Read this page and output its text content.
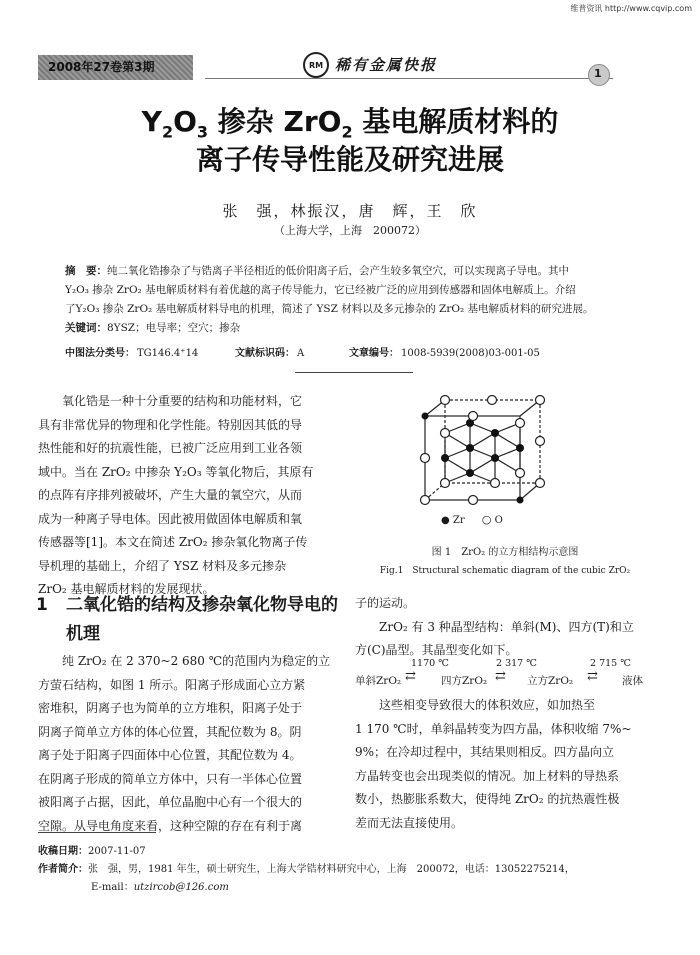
维普资讯 http://www.cqvip.com
2008年27卷第3期	RM 稀有金属快报	1
$Y_2O_3$ 掺杂 ZrO$_2$ 基电解质材料的
离子传导性能及研究进展
张　强，林振汉，唐　辉，王　欣
（上海大学，上海　200072）
摘　要：纯二氧化锆掺杂了与锆离子半径相近的低价阳离子后，会产生较多氧空穴，可以实现离子导电。其中
Y₂O₃ 掺杂 ZrO₂ 基电解质材料有着优越的离子传导能力，它已经被广泛的应用到传感器和固体电解质上。介绍
了Y₂O₃ 掺杂 ZrO₂ 基电解质材料导电的机理，简述了 YSZ 材料以及多元掺杂的 ZrO₂ 基电解质材料的研究进展。
关键词：8YSZ；电导率；空穴；掺杂
中图法分类号： TG146.4⁺14	文献标识码： A	文章编号： 1008-5939(2008)03-001-05

氧化锆是一种十分重要的结构和功能材料，它

具有非常优异的物理和化学性能。特别因其低的导

热性能和好的抗震性能，已被广泛应用到工业各领

域中。当在 ZrO₂ 中掺杂 Y₂O₃ 等氧化物后，其原有

的点阵有序排列被破坏，产生大量的氧空穴，从而

成为一种离子导电体。因此被用做固体电解质和氧

传感器等[1]。本文在简述 ZrO₂ 掺杂氧化物离子传

导机理的基础上，介绍了 YSZ 材料及多元掺杂

ZrO₂ 基电解质材料的发展现状。

1 二氧化锆的结构及掺杂氧化物导电的机理

纯 ZrO₂ 在 2 370~2 680 ℃的范围内为稳定的立

方萤石结构，如图 1 所示。阳离子形成面心立方紧

密堆积，阴离子也为简单的立方堆积，阳离子处于

阴离子简单立方体的体心位置，其配位数为 8。阴

离子处于阳离子四面体中心位置，其配位数为 4。

在阴离子形成的简单立方体中，只有一半体心位置

被阳离子占据，因此，单位晶胞中心有一个很大的

空隙。从导电角度来看，这种空隙的存在有利于离

● Zr ○ O
图 1　ZrO₂ 的立方相结构示意图
Fig.1　Structural schematic diagram of the cubic ZrO₂

子的运动。

ZrO₂ 有 3 种晶型结构：单斜(M)、四方(T)和立

方(C)晶型。其晶型变化如下。

单斜ZrO₂
1170 ℃
⇄ 四方ZrO₂
2 317 ℃
⇄ 立方ZrO₂
2 715 ℃
⇄ 液体

这些相变导致很大的体积效应，如加热至

1 170 ℃时，单斜晶转变为四方晶，体积收缩 7%~

9%；在冷却过程中，其结果则相反。四方晶向立

方晶转变也会出现类似的情况。加上材料的导热系

数小，热膨胀系数大，使得纯 ZrO₂ 的抗热震性极

差而无法直接使用。

收稿日期：2007-11-07
作者简介：张　强，男，1981 年生，硕士研究生，上海大学锆材料研究中心，上海　200072，电话：13052275214，
E-mail：utzircob@126.com
